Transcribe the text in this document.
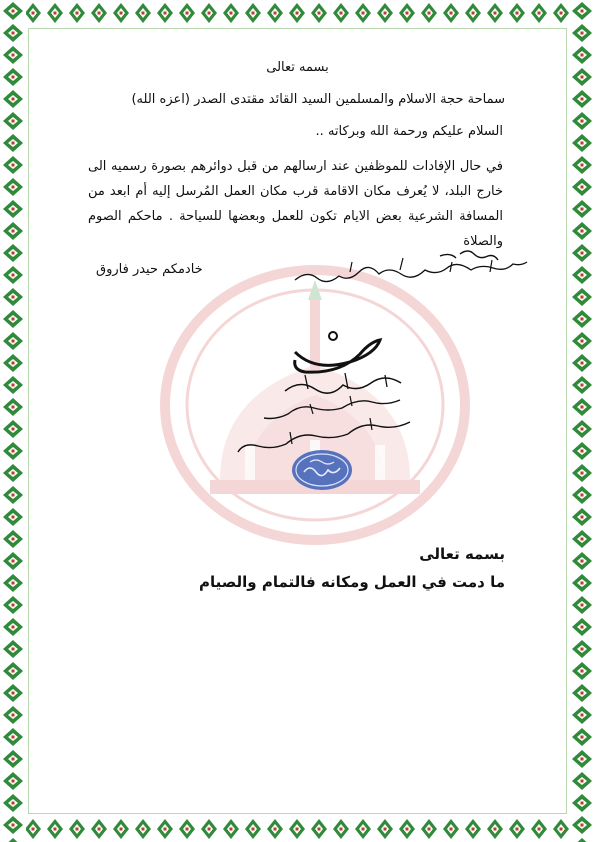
بسمه تعالى
سماحة حجة الاسلام والمسلمين السيد القائد مقتدى الصدر (اعزه الله)
السلام عليكم ورحمة الله وبركاته ..
في حال الإفادات للموظفين عند ارسالهم من قبل دوائرهم بصورة رسميه الى خارج البلد، لا يُعرف مكان الاقامة قرب مكان العمل المُرسل إليه أم ابعد من المسافة الشرعية بعض الايام تكون للعمل وبعضها للسياحة . ماحكم الصوم والصلاة
خادمكم حيدر فاروق
بسمه تعالى
ما دمت في العمل ومكانه فالتمام والصيام
